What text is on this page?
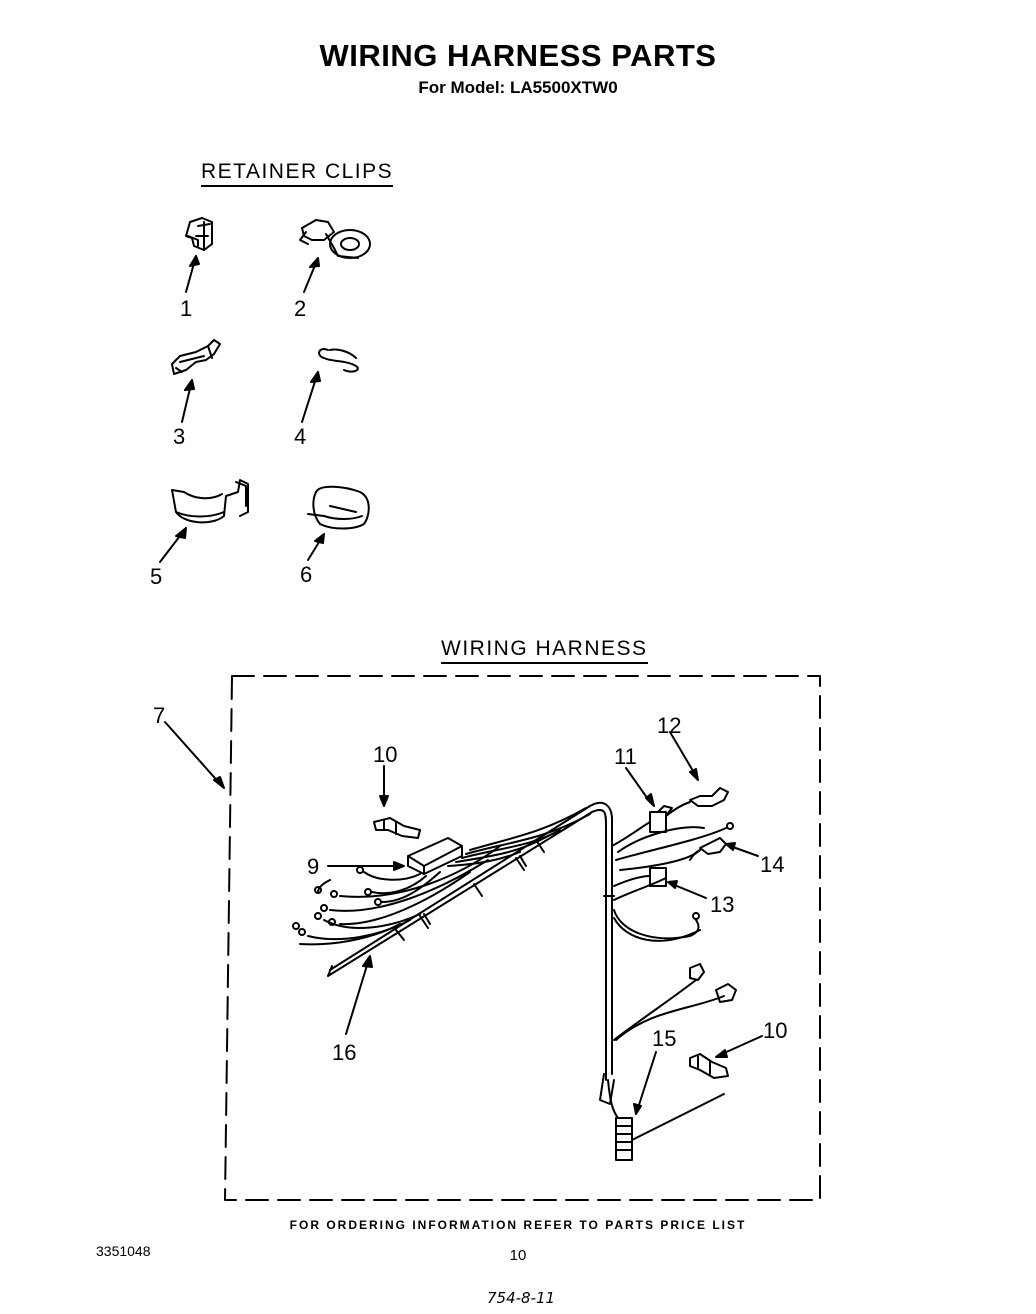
WIRING HARNESS PARTS
For Model: LA5500XTW0
RETAINER CLIPS
WIRING HARNESS
1	2
3	4
5	6
7
9
10
10
11
12
13
14
15
16
FOR ORDERING INFORMATION REFER TO PARTS PRICE LIST
3351048	10
754-8-11
